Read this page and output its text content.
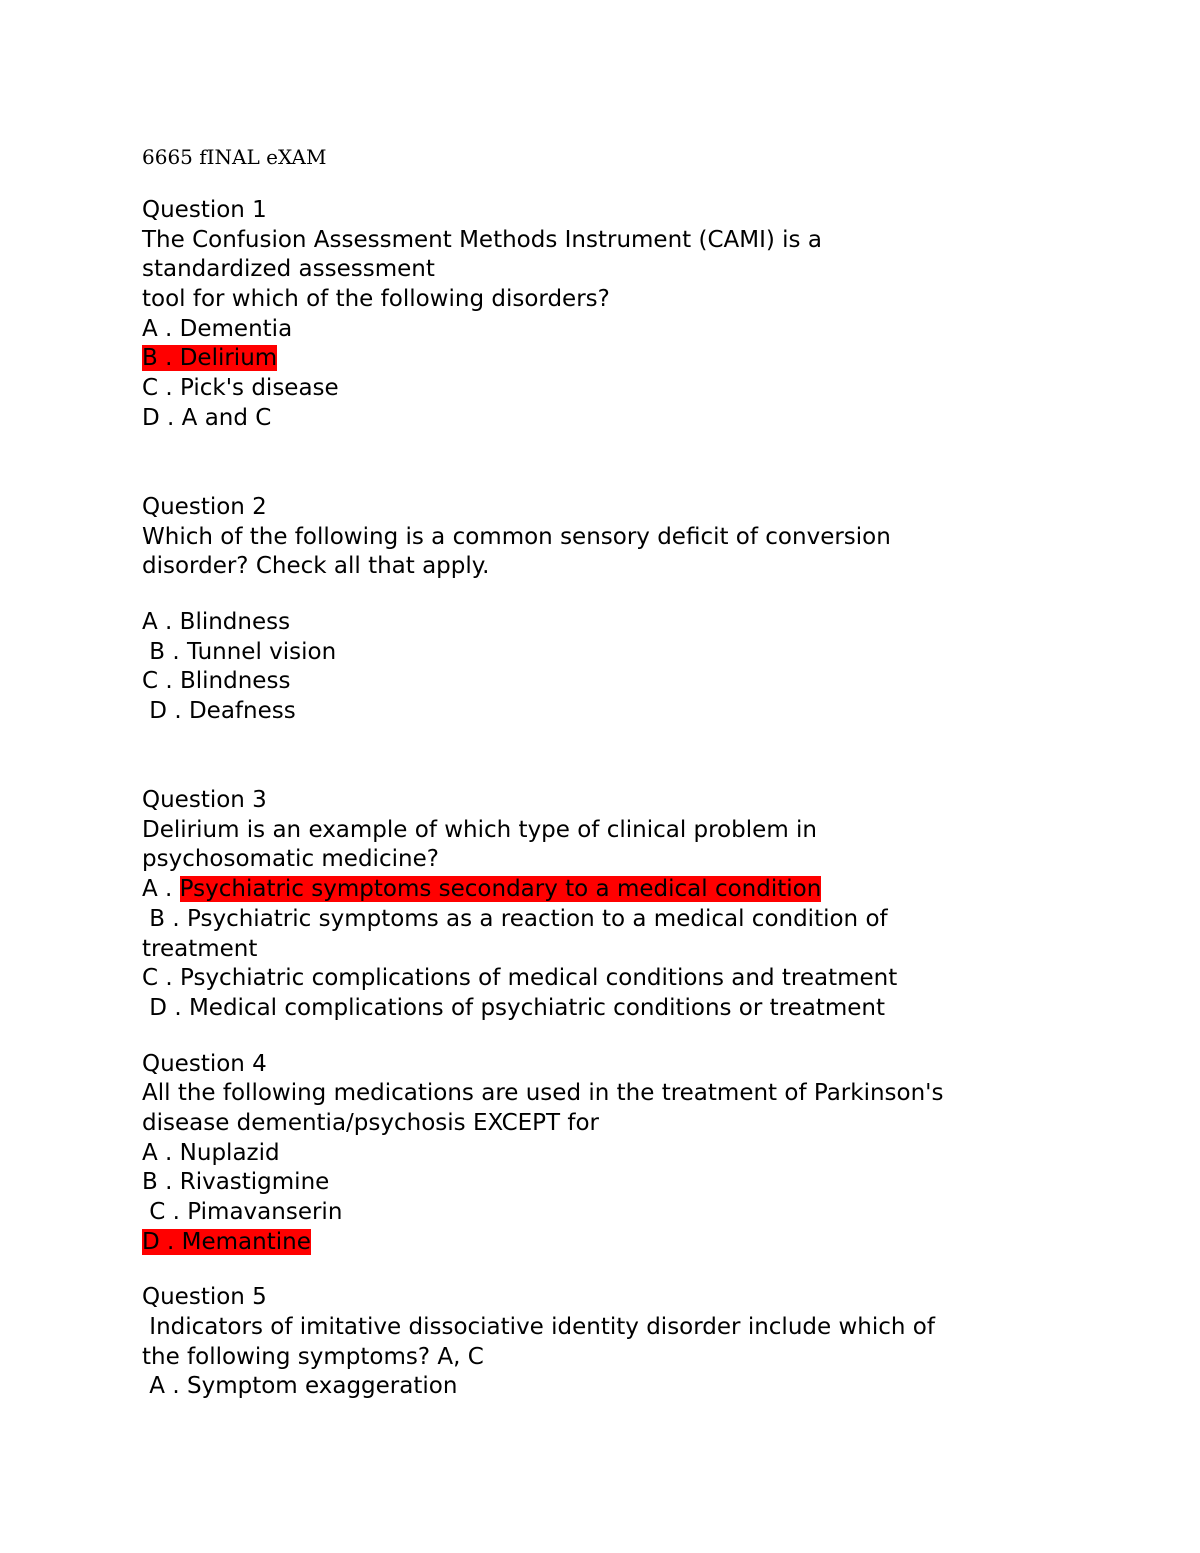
6665 fINAL eXAM
Question 1
The Confusion Assessment Methods Instrument (CAMI) is a
standardized assessment
tool for which of the following disorders?
A . Dementia
B . Delirium
C . Pick's disease
D . A and C
Question 2
Which of the following is a common sensory deficit of conversion
disorder? Check all that apply.
A . Blindness
B . Tunnel vision
C . Blindness
D . Deafness
Question 3
Delirium is an example of which type of clinical problem in
psychosomatic medicine?
A . Psychiatric symptoms secondary to a medical condition
B . Psychiatric symptoms as a reaction to a medical condition of
treatment
C . Psychiatric complications of medical conditions and treatment
D . Medical complications of psychiatric conditions or treatment
Question 4
All the following medications are used in the treatment of Parkinson's
disease dementia/psychosis EXCEPT for
A . Nuplazid
B . Rivastigmine
C . Pimavanserin
D . Memantine
Question 5
Indicators of imitative dissociative identity disorder include which of
the following symptoms? A, C
A . Symptom exaggeration
